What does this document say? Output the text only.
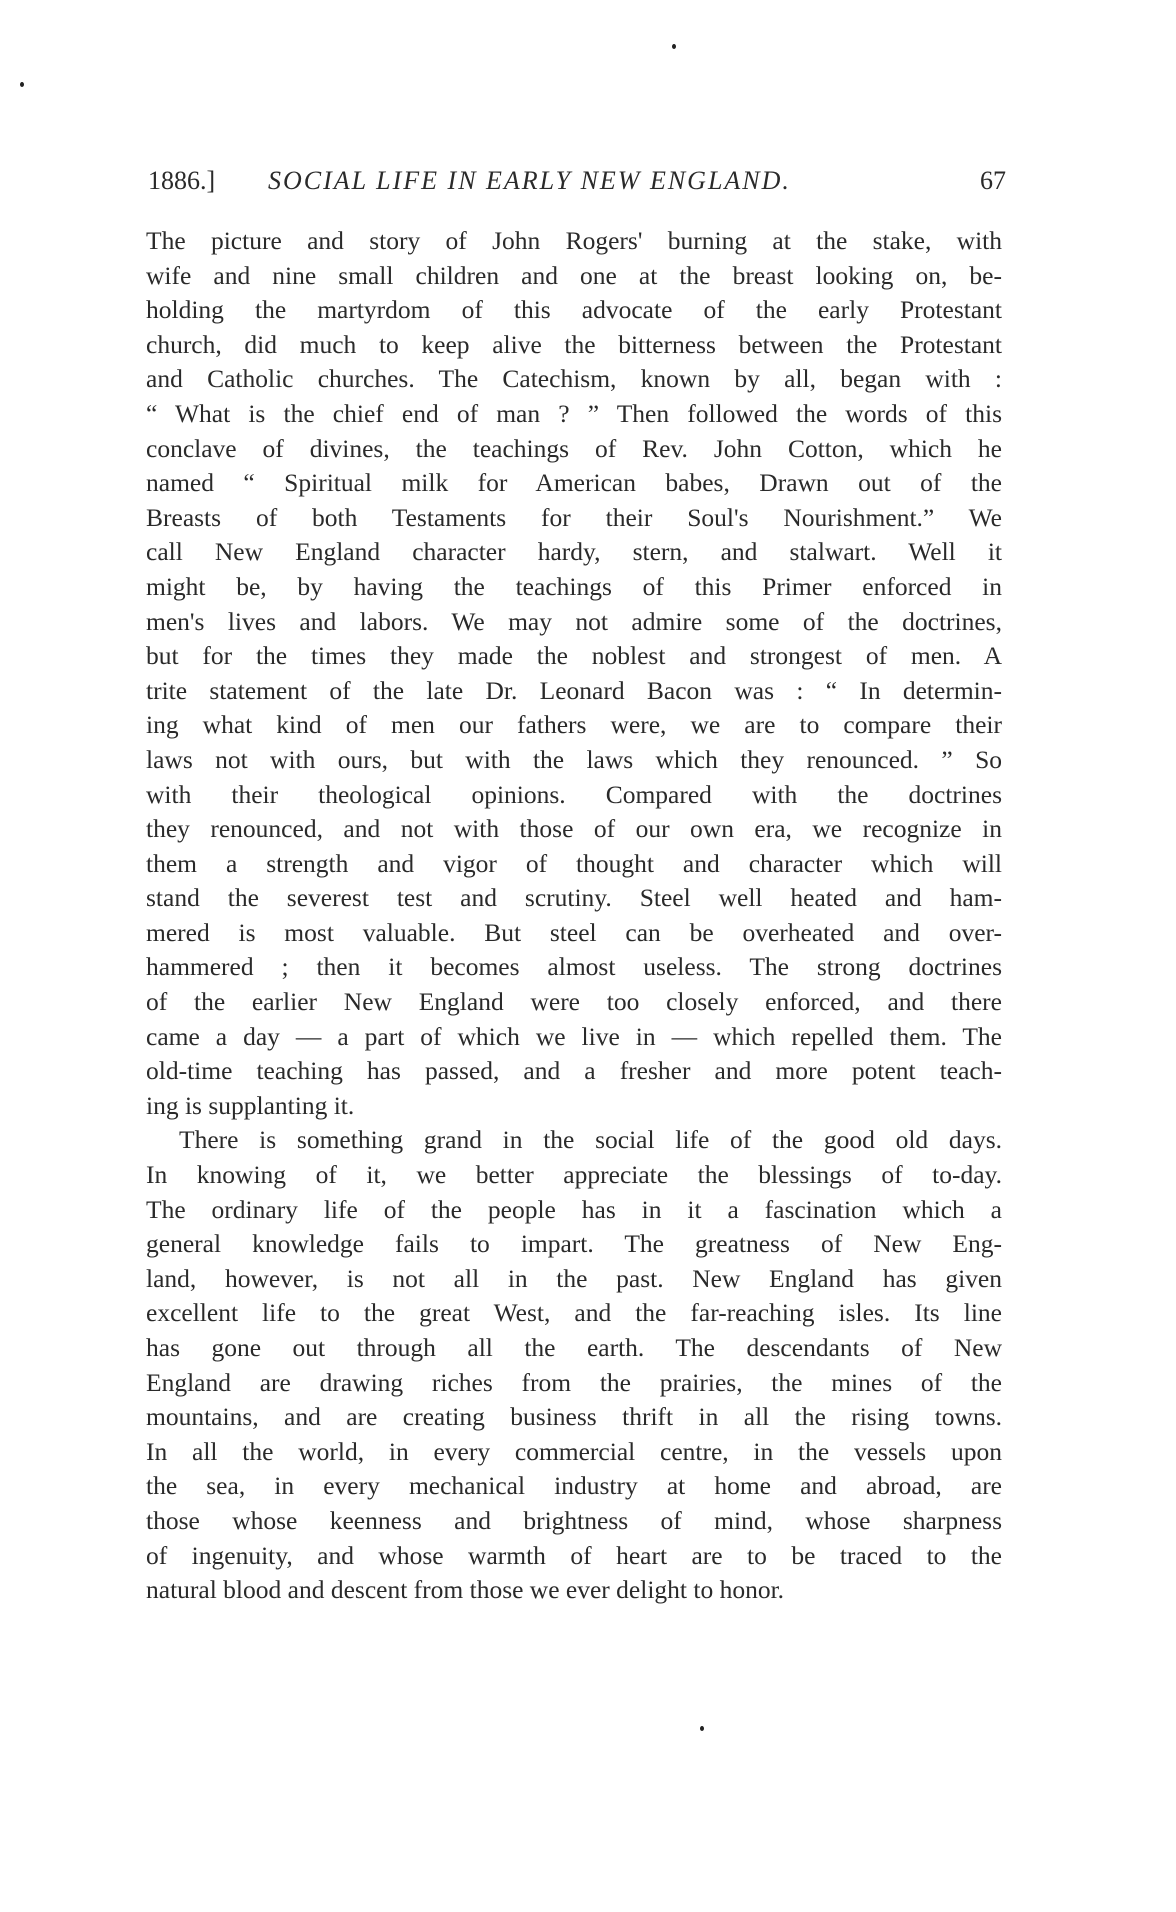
1886.] SOCIAL LIFE IN EARLY NEW ENGLAND.	67
The picture and story of John Rogers' burning at the stake, with
wife and nine small children and one at the breast looking on, be-
holding the martyrdom of this advocate of the early Protestant
church, did much to keep alive the bitterness between the Protestant
and Catholic churches. The Catechism, known by all, began with :
“ What is the chief end of man ? ” Then followed the words of this
conclave of divines, the teachings of Rev. John Cotton, which he
named “ Spiritual milk for American babes, Drawn out of the
Breasts of both Testaments for their Soul's Nourishment.” We
call New England character hardy, stern, and stalwart. Well it
might be, by having the teachings of this Primer enforced in
men's lives and labors. We may not admire some of the doctrines,
but for the times they made the noblest and strongest of men. A
trite statement of the late Dr. Leonard Bacon was : “ In determin-
ing what kind of men our fathers were, we are to compare their
laws not with ours, but with the laws which they renounced. ” So
with their theological opinions. Compared with the doctrines
they renounced, and not with those of our own era, we recognize in
them a strength and vigor of thought and character which will
stand the severest test and scrutiny. Steel well heated and ham-
mered is most valuable. But steel can be overheated and over-
hammered ; then it becomes almost useless. The strong doctrines
of the earlier New England were too closely enforced, and there
came a day — a part of which we live in — which repelled them. The
old-time teaching has passed, and a fresher and more potent teach-
ing is supplanting it.
There is something grand in the social life of the good old days.
In knowing of it, we better appreciate the blessings of to-day.
The ordinary life of the people has in it a fascination which a
general knowledge fails to impart. The greatness of New Eng-
land, however, is not all in the past. New England has given
excellent life to the great West, and the far-reaching isles. Its line
has gone out through all the earth. The descendants of New
England are drawing riches from the prairies, the mines of the
mountains, and are creating business thrift in all the rising towns.
In all the world, in every commercial centre, in the vessels upon
the sea, in every mechanical industry at home and abroad, are
those whose keenness and brightness of mind, whose sharpness
of ingenuity, and whose warmth of heart are to be traced to the
natural blood and descent from those we ever delight to honor.
